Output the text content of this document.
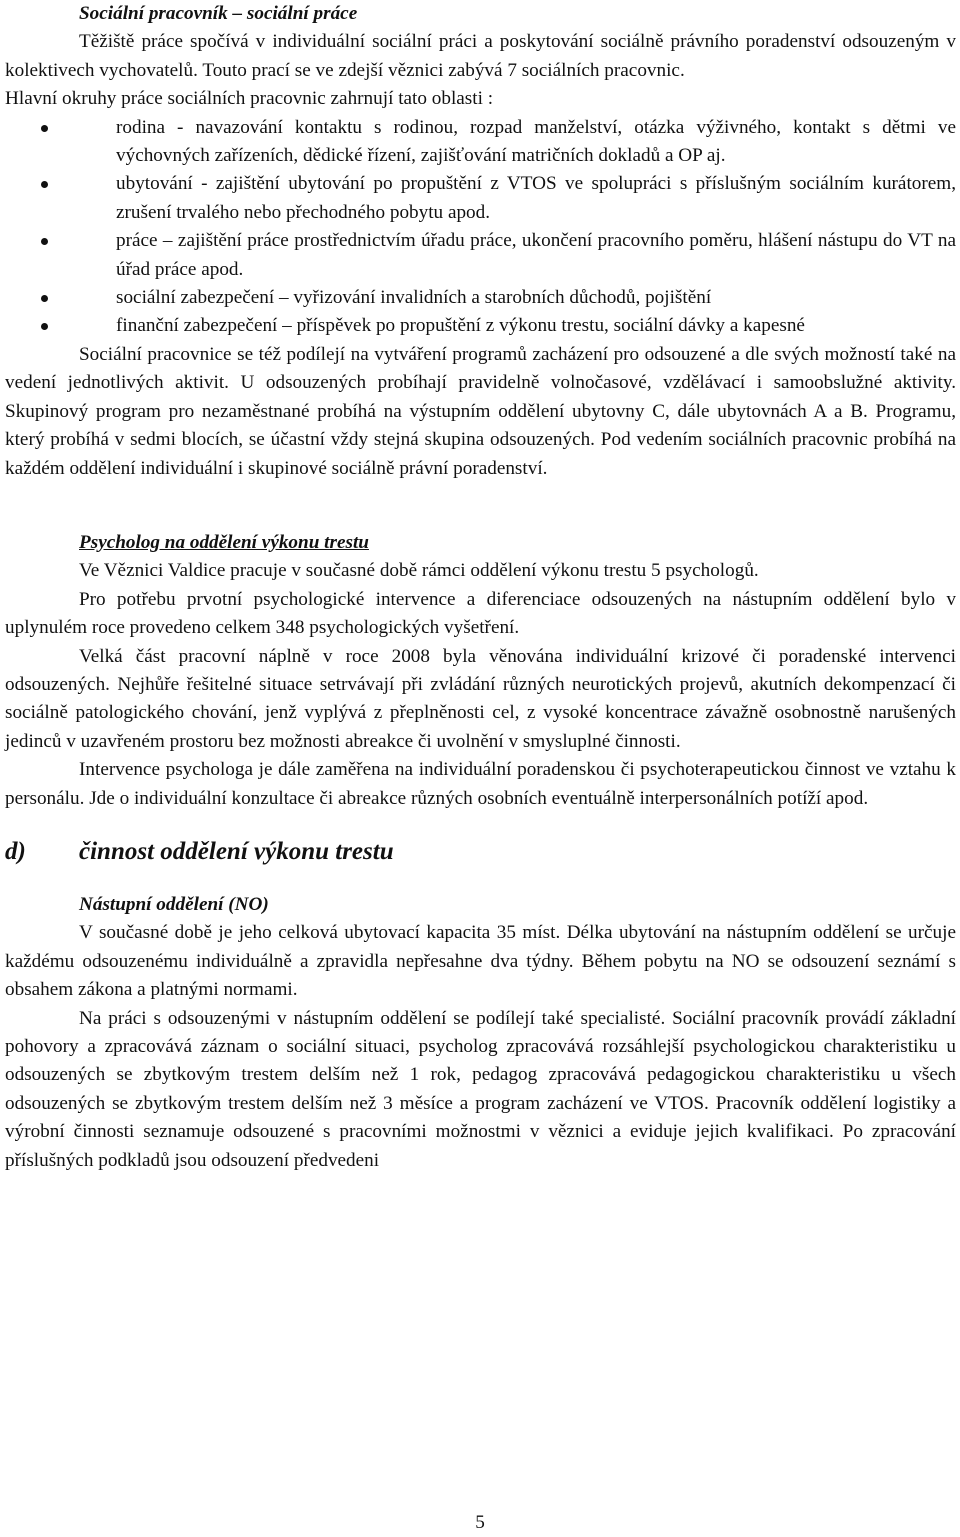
Sociální pracovník – sociální práce

Těžiště práce spočívá v individuální sociální práci a poskytování sociálně právního poradenství odsouzeným v kolektivech vychovatelů. Touto prací se ve zdejší věznici zabývá 7 sociálních pracovnic.

Hlavní okruhy práce sociálních pracovnic zahrnují tato oblasti :

rodina - navazování kontaktu s rodinou, rozpad manželství, otázka výživného, kontakt s dětmi ve výchovných zařízeních, dědické řízení, zajišťování matričních dokladů a OP aj.
ubytování - zajištění ubytování po propuštění z VTOS ve spolupráci s příslušným sociálním kurátorem, zrušení trvalého nebo přechodného pobytu apod.
práce – zajištění práce prostřednictvím úřadu práce, ukončení pracovního poměru, hlášení nástupu do VT na úřad práce apod.
sociální zabezpečení – vyřizování invalidních a starobních důchodů, pojištění
finanční zabezpečení – příspěvek po propuštění z výkonu trestu, sociální dávky a kapesné

Sociální pracovnice se též podílejí na vytváření programů zacházení pro odsouzené a dle svých možností také na vedení jednotlivých aktivit. U odsouzených probíhají pravidelně volnočasové, vzdělávací i samoobslužné aktivity. Skupinový program pro nezaměstnané probíhá na výstupním oddělení ubytovny C, dále ubytovnách A a B. Programu, který probíhá v sedmi blocích, se účastní vždy stejná skupina odsouzených. Pod vedením sociálních pracovnic probíhá na každém oddělení individuální i skupinové sociálně právní poradenství.

Psycholog na oddělení výkonu trestu

Ve Věznici Valdice pracuje v současné době rámci oddělení výkonu trestu 5 psychologů.

Pro potřebu prvotní psychologické intervence a diferenciace odsouzených na nástupním oddělení bylo v uplynulém roce provedeno celkem 348 psychologických vyšetření.

Velká část pracovní náplně v roce 2008 byla věnována individuální krizové či poradenské intervenci odsouzených. Nejhůře řešitelné situace setrvávají při zvládání různých neurotických projevů, akutních dekompenzací či sociálně patologického chování, jenž vyplývá z přeplněnosti cel, z vysoké koncentrace závažně osobnostně narušených jedinců v uzavřeném prostoru bez možnosti abreakce či uvolnění v smysluplné činnosti.

Intervence psychologa je dále zaměřena na individuální poradenskou či psychoterapeutickou činnost ve vztahu k personálu. Jde o individuální konzultace či abreakce různých osobních eventuálně interpersonálních potíží apod.

d)	činnost oddělení výkonu trestu

Nástupní oddělení (NO)

V současné době je jeho celková ubytovací kapacita 35 míst. Délka ubytování na nástupním oddělení se určuje každému odsouzenému individuálně a zpravidla nepřesahne dva týdny. Během pobytu na NO se odsouzení seznámí s obsahem zákona a platnými normami.

Na práci s odsouzenými v nástupním oddělení se podílejí také specialisté. Sociální pracovník provádí základní pohovory a zpracovává záznam o sociální situaci, psycholog zpracovává rozsáhlejší psychologickou charakteristiku u odsouzených se zbytkovým trestem delším než 1 rok, pedagog zpracovává pedagogickou charakteristiku u všech odsouzených se zbytkovým trestem delším než 3 měsíce a program zacházení ve VTOS. Pracovník oddělení logistiky a výrobní činnosti seznamuje odsouzené s pracovními možnostmi v věznici a eviduje jejich kvalifikaci. Po zpracování příslušných podkladů jsou odsouzení předvedeni

5
